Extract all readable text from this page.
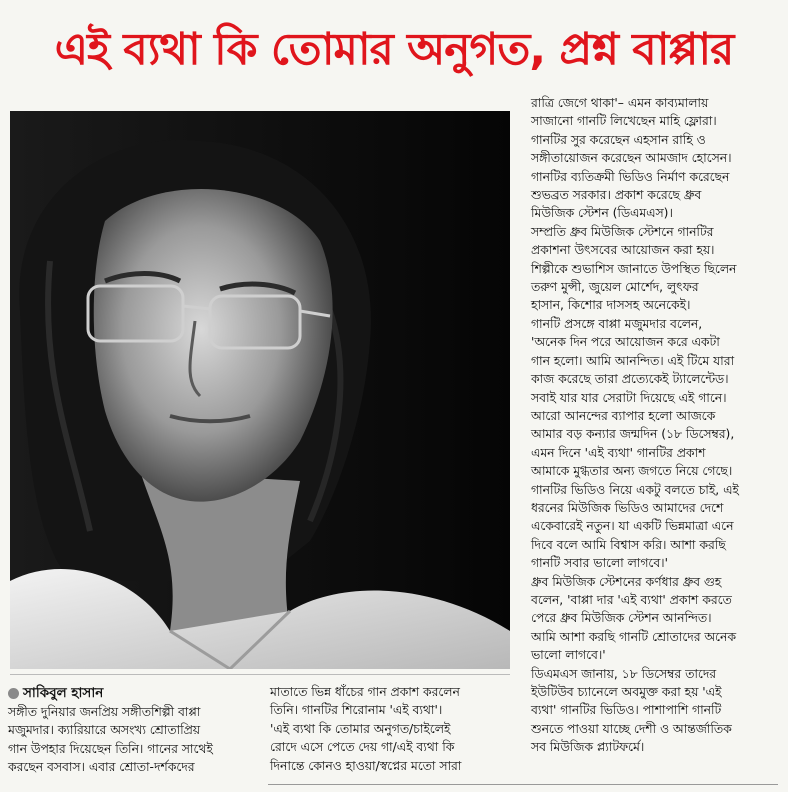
এই ব্যথা কি তোমার অনুগত, প্রশ্ন বাপ্পার
সাকিবুল হাসান

সঙ্গীত দুনিয়ার জনপ্রিয় সঙ্গীতশিল্পী বাপ্পা

মজুমদার। ক্যারিয়ারে অসংখ্য শ্রোতাপ্রিয়

গান উপহার দিয়েছেন তিনি। গানের সাথেই

করছেন বসবাস। এবার শ্রোতা-দর্শকদের

মাতাতে ভিন্ন ধাঁচের গান প্রকাশ করলেন

তিনি। গানটির শিরোনাম 'এই ব্যথা'।

'এই ব্যথা কি তোমার অনুগত/চাইলেই

রোদে এসে পেতে দেয় গা/এই ব্যথা কি

দিনান্তে কোনও হাওয়া/স্বপ্নের মতো সারা

রাত্রি জেগে থাকা'– এমন কাব্যমালায়

সাজানো গানটি লিখেছেন মাহি ফ্লোরা।

গানটির সুর করেছেন এহসান রাহি ও

সঙ্গীতায়োজন করেছেন আমজাদ হোসেন।

গানটির ব্যতিক্রমী ভিডিও নির্মাণ করেছেন

শুভব্রত সরকার। প্রকাশ করেছে ধ্রুব

মিউজিক স্টেশন (ডিএমএস)।

সম্প্রতি ধ্রুব মিউজিক স্টেশনে গানটির

প্রকাশনা উৎসবের আয়োজন করা হয়।

শিল্পীকে শুভাশিস জানাতে উপস্থিত ছিলেন

তরুণ মুন্সী, জুয়েল মোর্শেদ, লুৎফর

হাসান, কিশোর দাসসহ অনেকেই।

গানটি প্রসঙ্গে বাপ্পা মজুমদার বলেন,

'অনেক দিন পরে আয়োজন করে একটা

গান হলো। আমি আনন্দিত। এই টিমে যারা

কাজ করেছে তারা প্রত্যেকেই ট্যালেন্টেড।

সবাই যার যার সেরাটা দিয়েছে এই গানে।

আরো আনন্দের ব্যাপার হলো আজকে

আমার বড় কন্যার জন্মদিন (১৮ ডিসেম্বর),

এমন দিনে 'এই ব্যথা' গানটির প্রকাশ

আমাকে মুগ্ধতার অন্য জগতে নিয়ে গেছে।

গানটির ভিডিও নিয়ে একটু বলতে চাই, এই

ধরনের মিউজিক ভিডিও আমাদের দেশে

একেবারেই নতুন। যা একটি ভিন্নমাত্রা এনে

দিবে বলে আমি বিশ্বাস করি। আশা করছি

গানটি সবার ভালো লাগবে।'

ধ্রুব মিউজিক স্টেশনের কর্ণধার ধ্রুব গুহ

বলেন, 'বাপ্পা দার 'এই ব্যথা' প্রকাশ করতে

পেরে ধ্রুব মিউজিক স্টেশন আনন্দিত।

আমি আশা করছি গানটি শ্রোতাদের অনেক

ভালো লাগবে।'

ডিএমএস জানায়, ১৮ ডিসেম্বর তাদের

ইউটিউব চ্যানেলে অবমুক্ত করা হয় 'এই

ব্যথা' গানটির ভিডিও। পাশাপাশি গানটি

শুনতে পাওয়া যাচ্ছে দেশী ও আন্তর্জাতিক

সব মিউজিক প্ল্যাটফর্মে।
